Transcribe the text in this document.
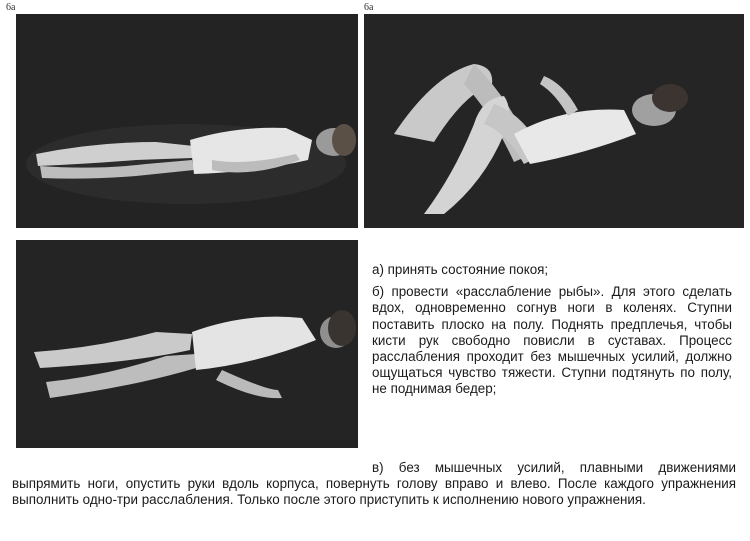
6а	6а

а) принять состояние покоя;

б) провести «расслабление рыбы». Для этого сделать вдох, одновременно согнув ноги в коленях. Ступни поставить плоско на полу. Поднять предплечья, чтобы кисти рук свободно повисли в суставах. Процесс расслабления проходит без мышечных усилий, должно ощущаться чувство тяжести. Ступни подтянуть по полу, не поднимая бедер;

в) без мышечных усилий, плавными движениями выпрямить ноги, опустить руки вдоль корпуса, повернуть голову вправо и влево. После каждого упражнения выполнить одно-три расслабления. Только после этого приступить к исполнению нового упражнения.
